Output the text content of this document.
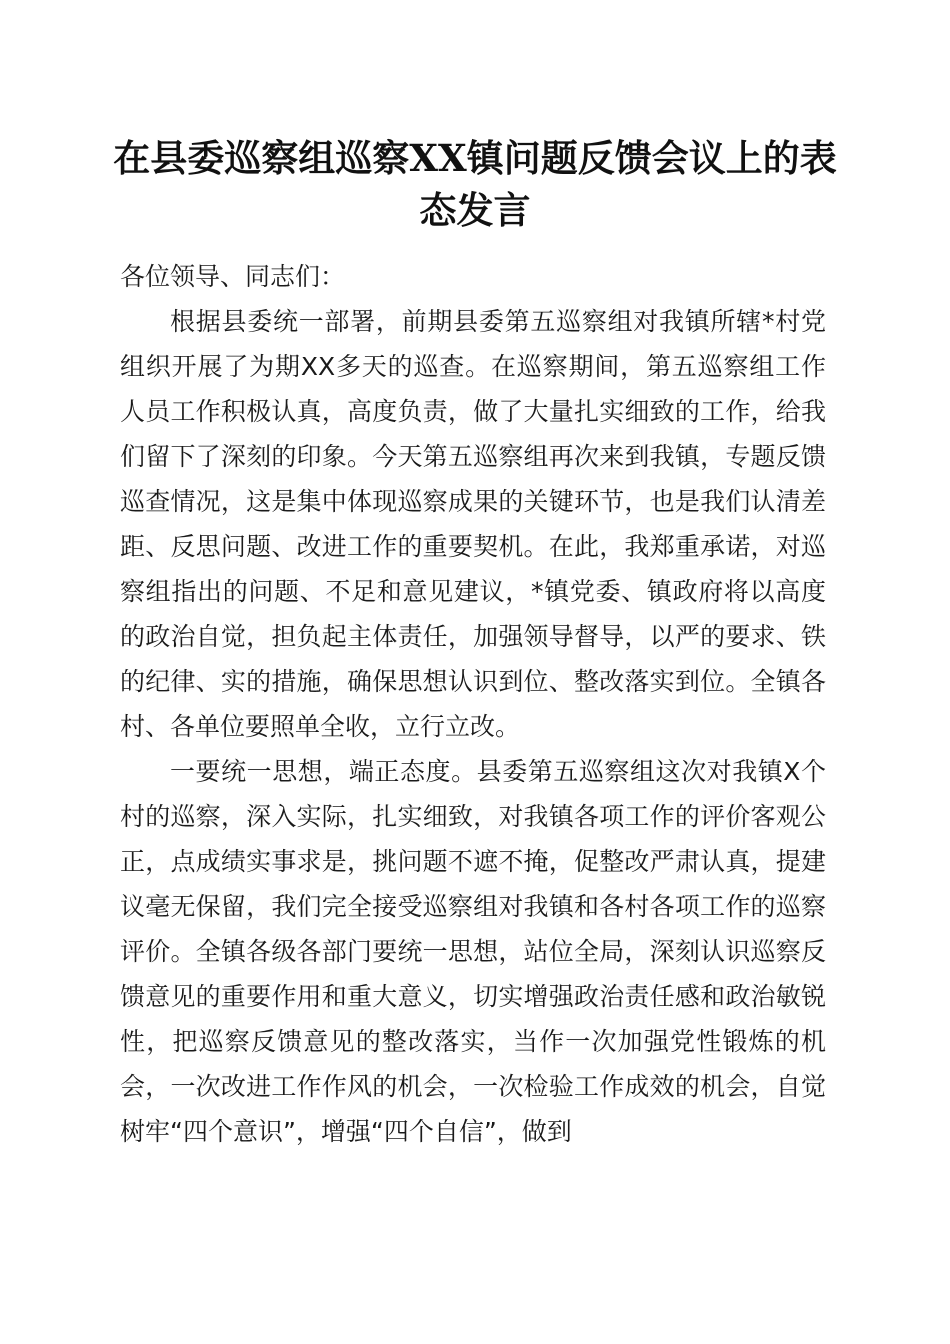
在县委巡察组巡察XX镇问题反馈会议上的表态发言

各位领导、同志们：

根据县委统一部署，前期县委第五巡察组对我镇所辖*村党组织开展了为期XX多天的巡查。在巡察期间，第五巡察组工作人员工作积极认真，高度负责，做了大量扎实细致的工作，给我们留下了深刻的印象。今天第五巡察组再次来到我镇，专题反馈巡查情况，这是集中体现巡察成果的关键环节，也是我们认清差距、反思问题、改进工作的重要契机。在此，我郑重承诺，对巡察组指出的问题、不足和意见建议，*镇党委、镇政府将以高度的政治自觉，担负起主体责任，加强领导督导，以严的要求、铁的纪律、实的措施，确保思想认识到位、整改落实到位。全镇各村、各单位要照单全收，立行立改。

一要统一思想，端正态度。县委第五巡察组这次对我镇X个村的巡察，深入实际，扎实细致，对我镇各项工作的评价客观公正，点成绩实事求是，挑问题不遮不掩，促整改严肃认真，提建议毫无保留，我们完全接受巡察组对我镇和各村各项工作的巡察评价。全镇各级各部门要统一思想，站位全局，深刻认识巡察反馈意见的重要作用和重大意义，切实增强政治责任感和政治敏锐性，把巡察反馈意见的整改落实，当作一次加强党性锻炼的机会，一次改进工作作风的机会，一次检验工作成效的机会，自觉树牢“四个意识”，增强“四个自信”，做到
